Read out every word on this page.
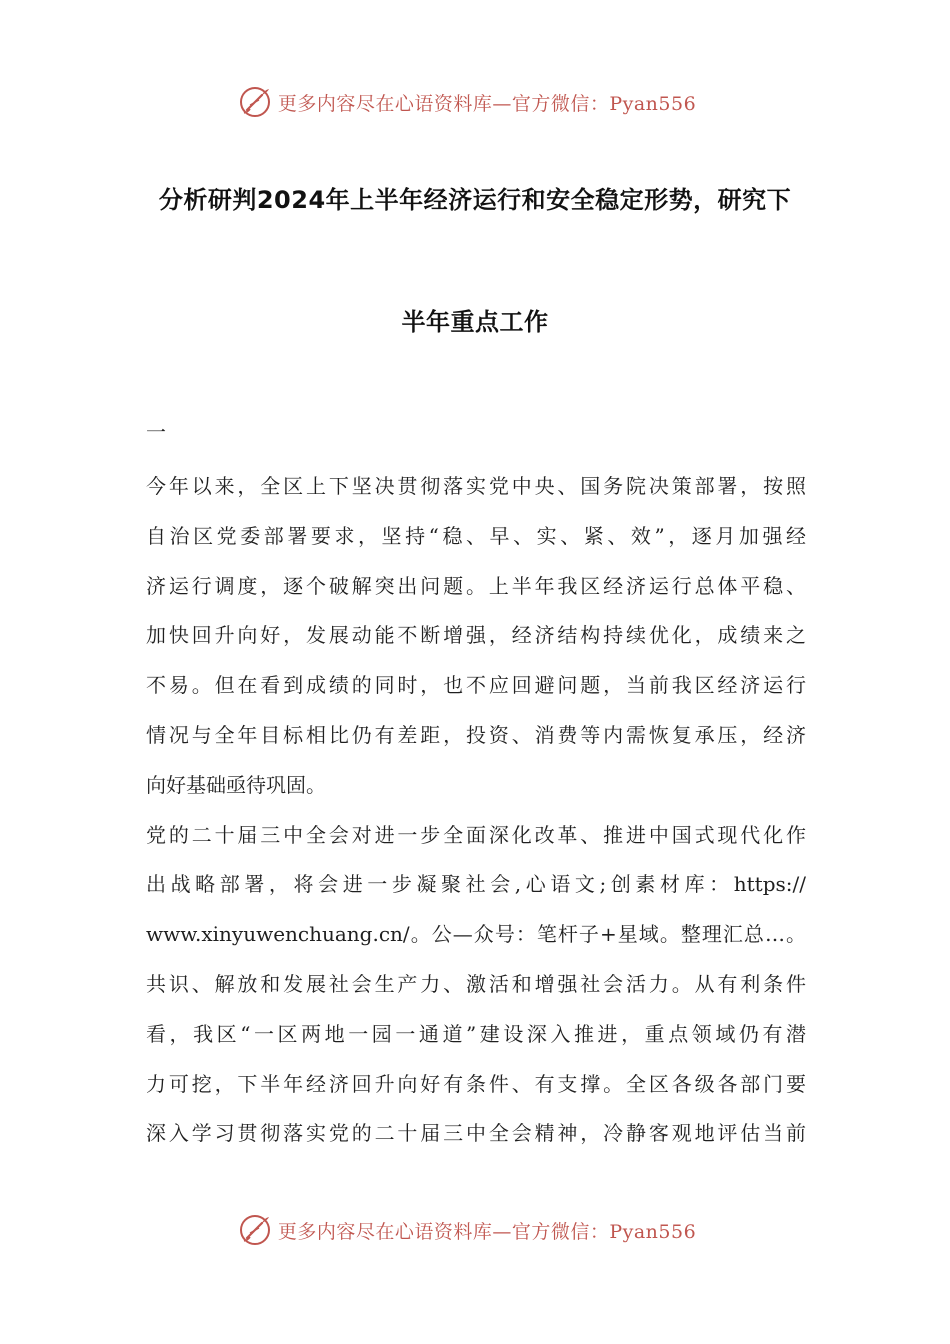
更多内容尽在心语资料库—官方微信：Pyan556
分析研判2024年上半年经济运行和安全稳定形势，研究下
半年重点工作
一
今年以来，全区上下坚决贯彻落实党中央、国务院决策部署，按照
自治区党委部署要求，坚持“稳、早、实、紧、效”，逐月加强经
济运行调度，逐个破解突出问题。上半年我区经济运行总体平稳、
加快回升向好，发展动能不断增强，经济结构持续优化，成绩来之
不易。但在看到成绩的同时，也不应回避问题，当前我区经济运行
情况与全年目标相比仍有差距，投资、消费等内需恢复承压，经济
向好基础亟待巩固。
党的二十届三中全会对进一步全面深化改革、推进中国式现代化作
出战略部署，将会进一步凝聚社会,心语文;创素材库：https://
www.xinyuwenchuang.cn/。公—众号：笔杆子+星域。整理汇总…。
共识、解放和发展社会生产力、激活和增强社会活力。从有利条件
看，我区“一区两地一园一通道”建设深入推进，重点领域仍有潜
力可挖，下半年经济回升向好有条件、有支撑。全区各级各部门要
深入学习贯彻落实党的二十届三中全会精神，冷静客观地评估当前
更多内容尽在心语资料库—官方微信：Pyan556
